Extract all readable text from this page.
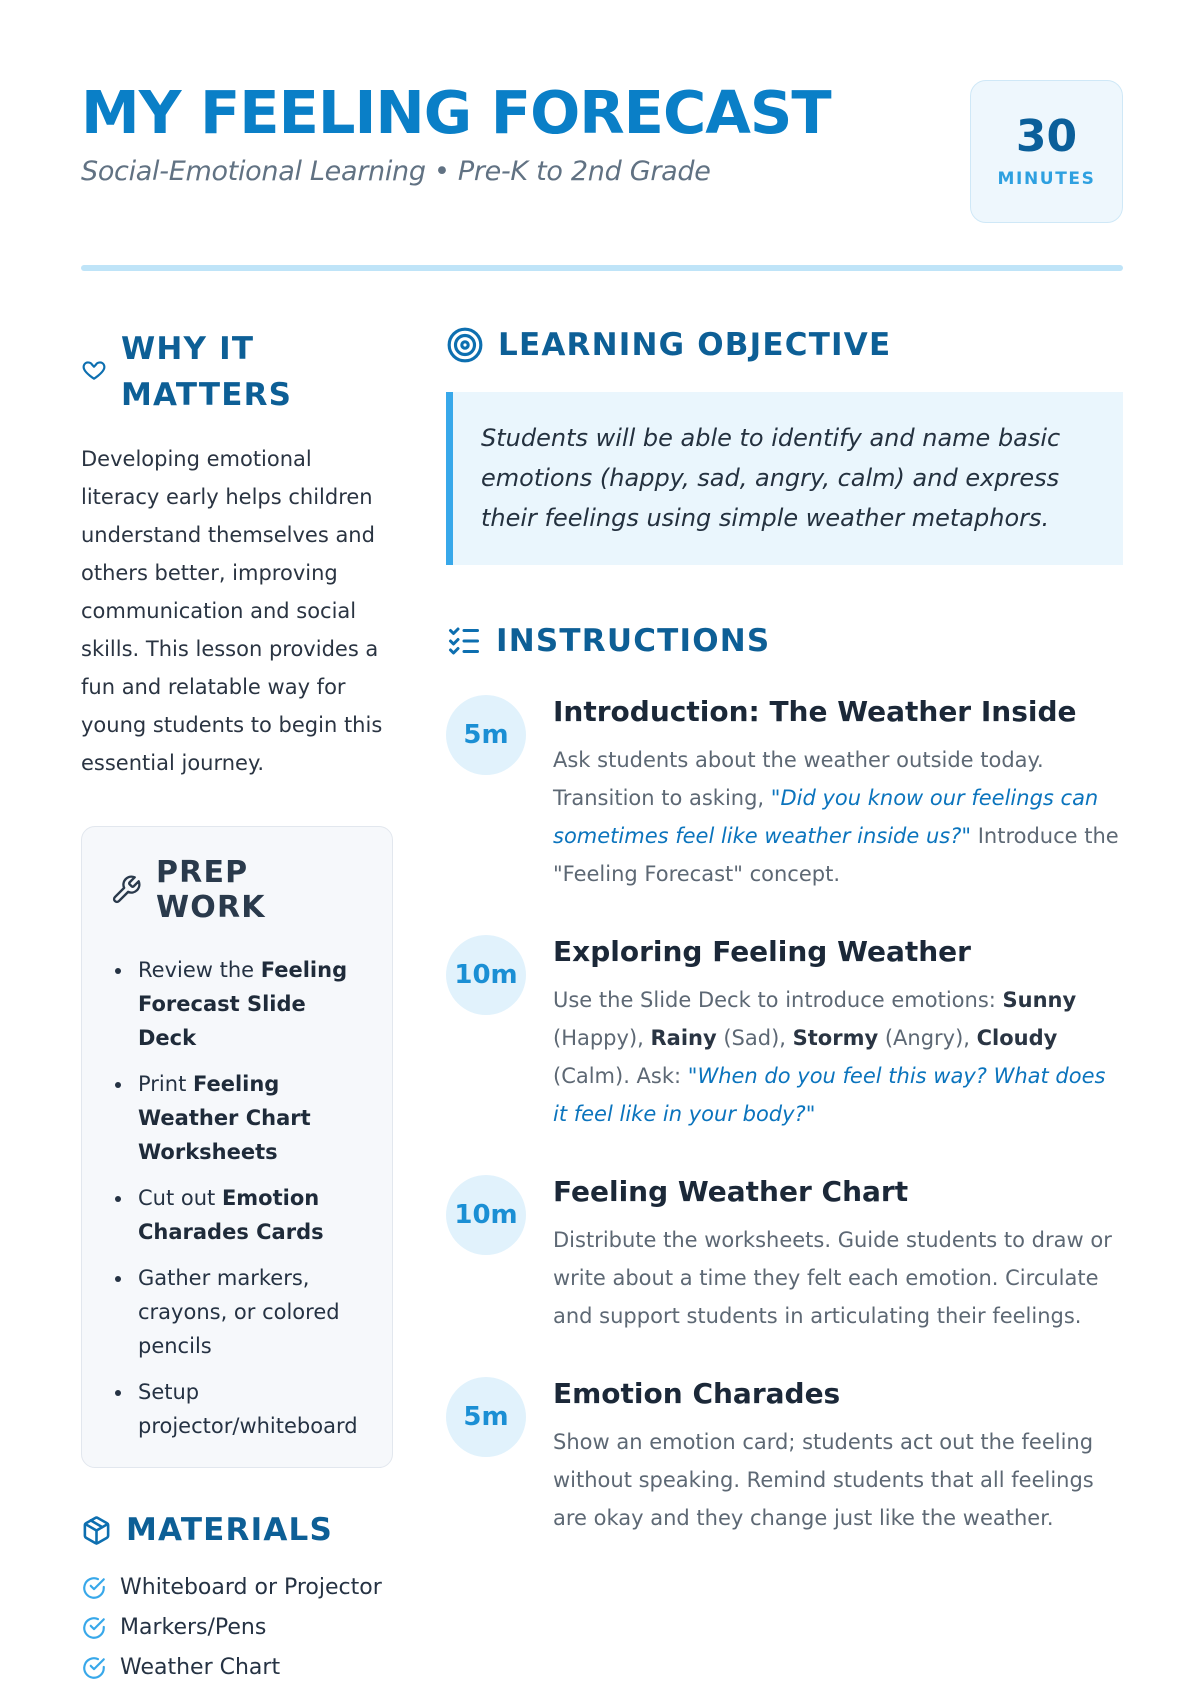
MY FEELING FORECAST
Social-Emotional Learning • Pre-K to 2nd Grade
30
MINUTES
WHY IT
MATTERS

Developing emotional literacy early helps children understand themselves and others better, improving communication and social skills. This lesson provides a fun and relatable way for young students to begin this essential journey.

PREP WORK
• Review the Feeling Forecast Slide Deck
• Print Feeling Weather Chart Worksheets
• Cut out Emotion Charades Cards
• Gather markers, crayons, or colored pencils
• Setup projector/whiteboard
MATERIALS
Whiteboard or Projector
Markers/Pens
Weather Chart
LEARNING OBJECTIVE
Students will be able to identify and name basic emotions (happy, sad, angry, calm) and express their feelings using simple weather metaphors.
INSTRUCTIONS
5m
Introduction: The Weather Inside
Ask students about the weather outside today. Transition to asking, "Did you know our feelings can sometimes feel like weather inside us?" Introduce the "Feeling Forecast" concept.
10m
Exploring Feeling Weather
Use the Slide Deck to introduce emotions: Sunny (Happy), Rainy (Sad), Stormy (Angry), Cloudy (Calm). Ask: "When do you feel this way? What does it feel like in your body?"
10m
Feeling Weather Chart
Distribute the worksheets. Guide students to draw or write about a time they felt each emotion. Circulate and support students in articulating their feelings.
5m
Emotion Charades
Show an emotion card; students act out the feeling without speaking. Remind students that all feelings are okay and they change just like the weather.
